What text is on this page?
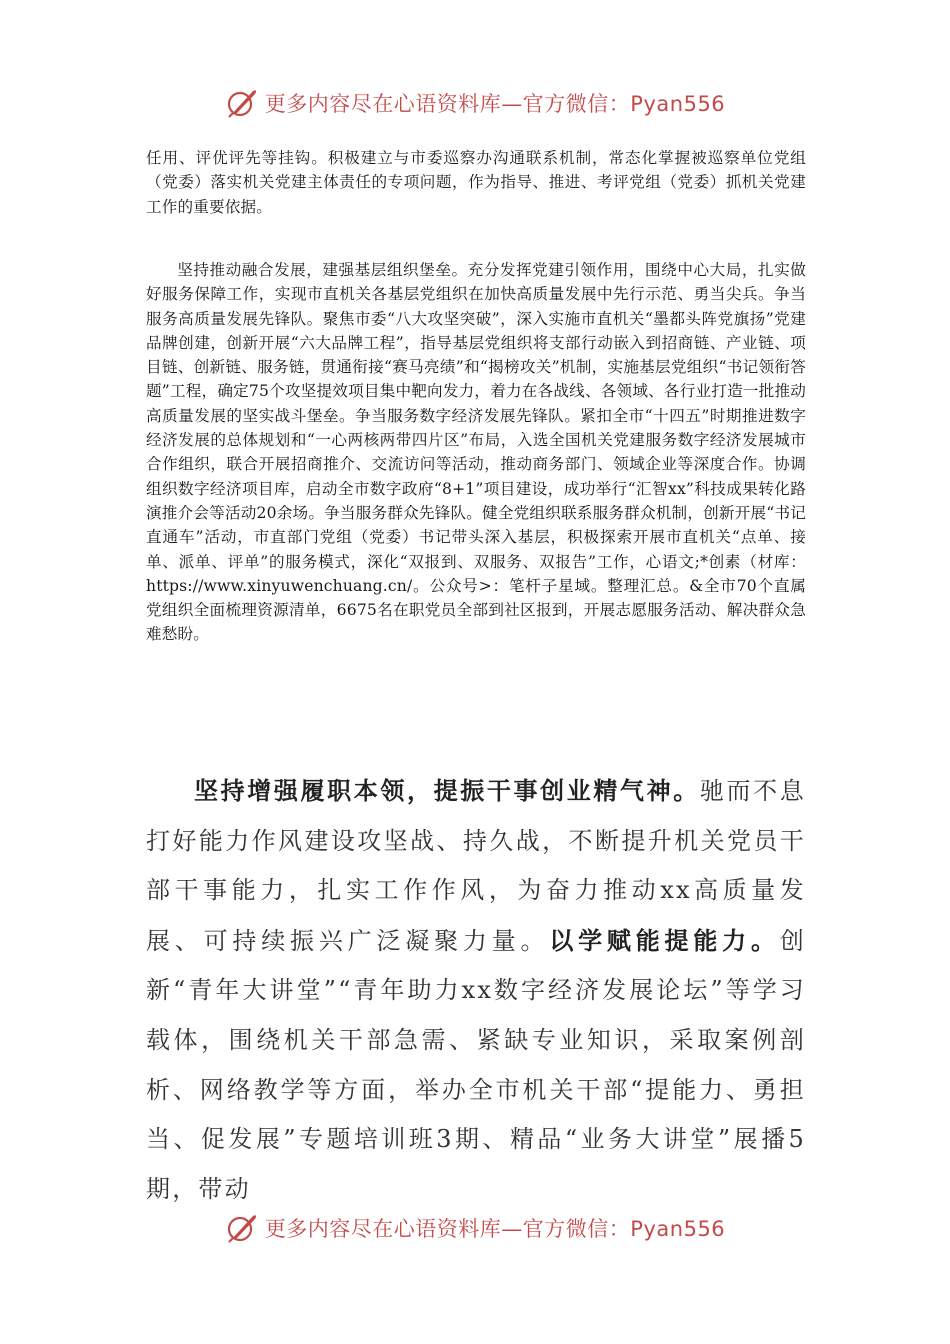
更多内容尽在心语资料库—官方微信：Pyan556

任用、评优评先等挂钩。积极建立与市委巡察办沟通联系机制，常态化掌握被巡察单位党组（党委）落实机关党建主体责任的专项问题，作为指导、推进、考评党组（党委）抓机关党建工作的重要依据。

坚持推动融合发展，建强基层组织堡垒。充分发挥党建引领作用，围绕中心大局，扎实做好服务保障工作，实现市直机关各基层党组织在加快高质量发展中先行示范、勇当尖兵。争当服务高质量发展先锋队。聚焦市委“八大攻坚突破”，深入实施市直机关“墨都头阵党旗扬”党建品牌创建，创新开展“六大品牌工程”，指导基层党组织将支部行动嵌入到招商链、产业链、项目链、创新链、服务链，贯通衔接“赛马亮绩”和“揭榜攻关”机制，实施基层党组织“书记领衔答题”工程，确定75个攻坚提效项目集中靶向发力，着力在各战线、各领域、各行业打造一批推动高质量发展的坚实战斗堡垒。争当服务数字经济发展先锋队。紧扣全市“十四五”时期推进数字经济发展的总体规划和“一心两核两带四片区”布局，入选全国机关党建服务数字经济发展城市合作组织，联合开展招商推介、交流访问等活动，推动商务部门、领域企业等深度合作。协调组织数字经济项目库，启动全市数字政府“8+1”项目建设，成功举行“汇智xx”科技成果转化路演推介会等活动20余场。争当服务群众先锋队。健全党组织联系服务群众机制，创新开展“书记直通车”活动，市直部门党组（党委）书记带头深入基层，积极探索开展市直机关“点单、接单、派单、评单”的服务模式，深化“双报到、双服务、双报告”工作，心语文;*创素（材库：https://www.xinyuwenchuang.cn/。公众号>：笔杆子星域。整理汇总。&全市70个直属党组织全面梳理资源清单，6675名在职党员全部到社区报到，开展志愿服务活动、解决群众急难愁盼。

坚持增强履职本领，提振干事创业精气神。驰而不息打好能力作风建设攻坚战、持久战，不断提升机关党员干部干事能力，扎实工作作风，为奋力推动xx高质量发展、可持续振兴广泛凝聚力量。以学赋能提能力。创新“青年大讲堂”“青年助力xx数字经济发展论坛”等学习载体，围绕机关干部急需、紧缺专业知识，采取案例剖析、网络教学等方面，举办全市机关干部“提能力、勇担当、促发展”专题培训班3期、精品“业务大讲堂”展播5期，带动

更多内容尽在心语资料库—官方微信：Pyan556
